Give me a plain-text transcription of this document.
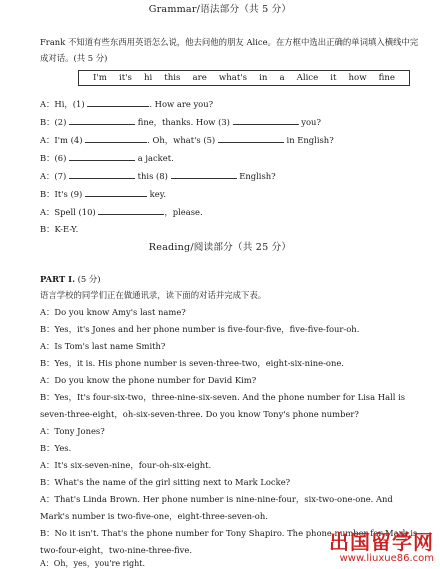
Grammar/语法部分（共 5 分）
Frank 不知道有些东西用英语怎么说，他去问他的朋友 Alice。在方框中选出正确的单词填入横线中完成对话。(共 5 分)
I'm it's hi this are what's in a Alice it how fine
A：Hi，(1)	. How are you?
B：(2)	fine，thanks. How (3)	you?
A：I'm (4)	. Oh，what's (5)	in English?
B：(6)	a jacket.
A：(7)	this (8)	English?
B：It's (9)	key.
A：Spell (10)	，please.
B：K-E-Y.
Reading/阅读部分（共 25 分）
PART I. (5 分)
语言学校的同学们正在做通讯录，读下面的对话并完成下表。
A：Do you know Amy's last name?
B：Yes，it's Jones and her phone number is five-four-five，five-five-four-oh.
A：Is Tom's last name Smith?
B：Yes，it is. His phone number is seven-three-two，eight-six-nine-one.
A：Do you know the phone number for David Kim?
B：Yes，It's four-six-two，three-nine-six-seven. And the phone number for Lisa Hall is
seven-three-eight，oh-six-seven-three. Do you know Tony's phone number?
A：Tony Jones?
B：Yes.
A：It's six-seven-nine，four-oh-six-eight.
B：What's the name of the girl sitting next to Mark Locke?
A：That's Linda Brown. Her phone number is nine-nine-four，six-two-one-one. And
Mark's number is two-five-one，eight-three-seven-oh.
B：No it isn't. That's the phone number for Tony Shapiro. The phone number for Mark is
two-four-eight，two-nine-three-five.
A：Oh，yes，you're right.
出国留学网
www.liuxue86.com
